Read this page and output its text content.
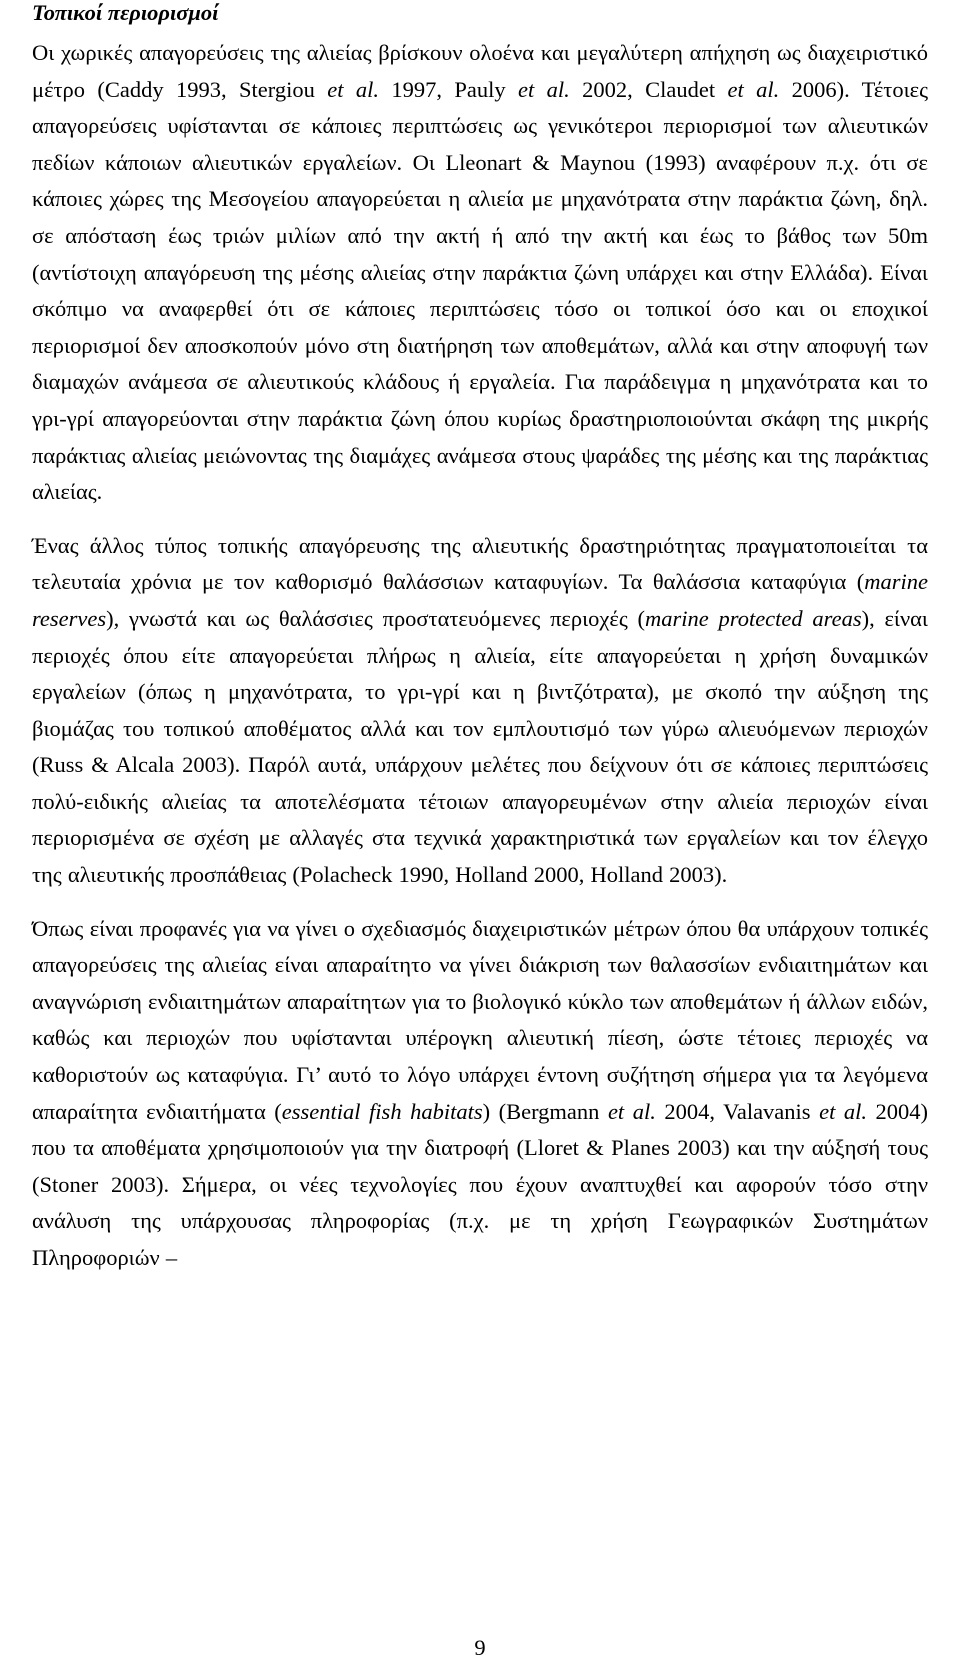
Τοπικοί περιορισμοί

Οι χωρικές απαγορεύσεις της αλιείας βρίσκουν ολοένα και μεγαλύτερη απήχηση ως διαχειριστικό μέτρο (Caddy 1993, Stergiou et al. 1997, Pauly et al. 2002, Claudet et al. 2006). Τέτοιες απαγορεύσεις υφίστανται σε κάποιες περιπτώσεις ως γενικότεροι περιορισμοί των αλιευτικών πεδίων κάποιων αλιευτικών εργαλείων. Οι Lleonart & Maynou (1993) αναφέρουν π.χ. ότι σε κάποιες χώρες της Μεσογείου απαγορεύεται η αλιεία με μηχανότρατα στην παράκτια ζώνη, δηλ. σε απόσταση έως τριών μιλίων από την ακτή ή από την ακτή και έως το βάθος των 50m (αντίστοιχη απαγόρευση της μέσης αλιείας στην παράκτια ζώνη υπάρχει και στην Ελλάδα). Είναι σκόπιμο να αναφερθεί ότι σε κάποιες περιπτώσεις τόσο οι τοπικοί όσο και οι εποχικοί περιορισμοί δεν αποσκοπούν μόνο στη διατήρηση των αποθεμάτων, αλλά και στην αποφυγή των διαμαχών ανάμεσα σε αλιευτικούς κλάδους ή εργαλεία. Για παράδειγμα η μηχανότρατα και το γρι-γρί απαγορεύονται στην παράκτια ζώνη όπου κυρίως δραστηριοποιούνται σκάφη της μικρής παράκτιας αλιείας μειώνοντας της διαμάχες ανάμεσα στους ψαράδες της μέσης και της παράκτιας αλιείας.

Ένας άλλος τύπος τοπικής απαγόρευσης της αλιευτικής δραστηριότητας πραγματοποιείται τα τελευταία χρόνια με τον καθορισμό θαλάσσιων καταφυγίων. Τα θαλάσσια καταφύγια (marine reserves), γνωστά και ως θαλάσσιες προστατευόμενες περιοχές (marine protected areas), είναι περιοχές όπου είτε απαγορεύεται πλήρως η αλιεία, είτε απαγορεύεται η χρήση δυναμικών εργαλείων (όπως η μηχανότρατα, το γρι-γρί και η βιντζότρατα), με σκοπό την αύξηση της βιομάζας του τοπικού αποθέματος αλλά και τον εμπλουτισμό των γύρω αλιευόμενων περιοχών (Russ & Alcala 2003). Παρόλ αυτά, υπάρχουν μελέτες που δείχνουν ότι σε κάποιες περιπτώσεις πολύ-ειδικής αλιείας τα αποτελέσματα τέτοιων απαγορευμένων στην αλιεία περιοχών είναι περιορισμένα σε σχέση με αλλαγές στα τεχνικά χαρακτηριστικά των εργαλείων και τον έλεγχο της αλιευτικής προσπάθειας (Polacheck 1990, Holland 2000, Holland 2003).

Όπως είναι προφανές για να γίνει ο σχεδιασμός διαχειριστικών μέτρων όπου θα υπάρχουν τοπικές απαγορεύσεις της αλιείας είναι απαραίτητο να γίνει διάκριση των θαλασσίων ενδιαιτημάτων και αναγνώριση ενδιαιτημάτων απαραίτητων για το βιολογικό κύκλο των αποθεμάτων ή άλλων ειδών, καθώς και περιοχών που υφίστανται υπέρογκη αλιευτική πίεση, ώστε τέτοιες περιοχές να καθοριστούν ως καταφύγια. Γι’ αυτό το λόγο υπάρχει έντονη συζήτηση σήμερα για τα λεγόμενα απαραίτητα ενδιαιτήματα (essential fish habitats) (Bergmann et al. 2004, Valavanis et al. 2004) που τα αποθέματα χρησιμοποιούν για την διατροφή (Lloret & Planes 2003) και την αύξησή τους (Stoner 2003). Σήμερα, οι νέες τεχνολογίες που έχουν αναπτυχθεί και αφορούν τόσο στην ανάλυση της υπάρχουσας πληροφορίας (π.χ. με τη χρήση Γεωγραφικών Συστημάτων Πληροφοριών –

9
